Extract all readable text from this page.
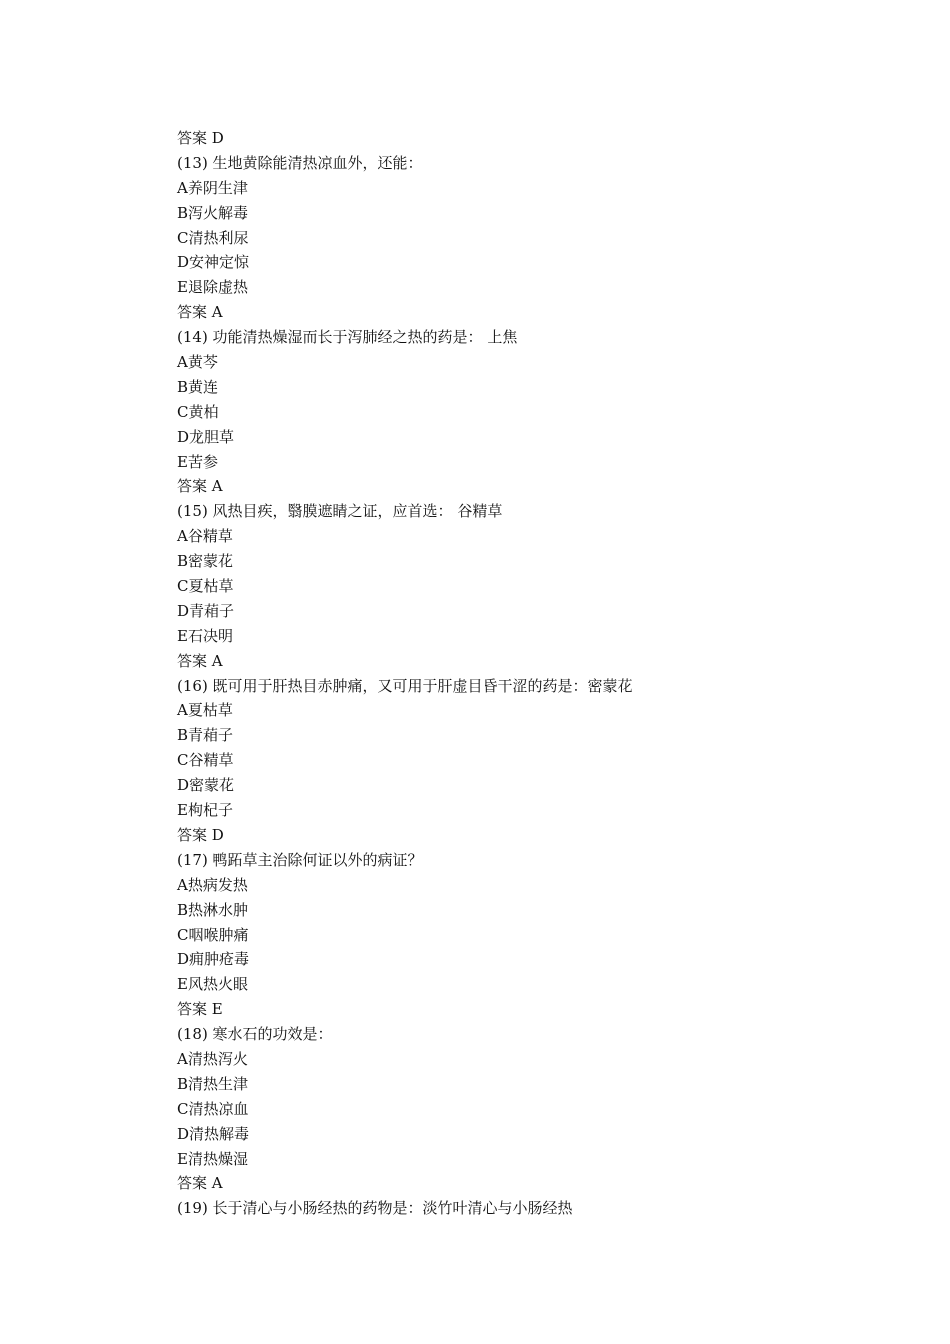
答案 D
(13) 生地黄除能清热凉血外，还能：
A养阴生津
B泻火解毒
C清热利尿
D安神定惊
E退除虚热
答案 A
(14) 功能清热燥湿而长于泻肺经之热的药是： 上焦
A黄芩
B黄连
C黄柏
D龙胆草
E苦参
答案 A
(15) 风热目疾，翳膜遮睛之证，应首选： 谷精草
A谷精草
B密蒙花
C夏枯草
D青葙子
E石决明
答案 A
(16) 既可用于肝热目赤肿痛，又可用于肝虚目昏干涩的药是：密蒙花
A夏枯草
B青葙子
C谷精草
D密蒙花
E枸杞子
答案 D
(17) 鸭跖草主治除何证以外的病证？
A热病发热
B热淋水肿
C咽喉肿痛
D痈肿疮毒
E风热火眼
答案 E
(18) 寒水石的功效是：
A清热泻火
B清热生津
C清热凉血
D清热解毒
E清热燥湿
答案 A
(19) 长于清心与小肠经热的药物是：淡竹叶清心与小肠经热
